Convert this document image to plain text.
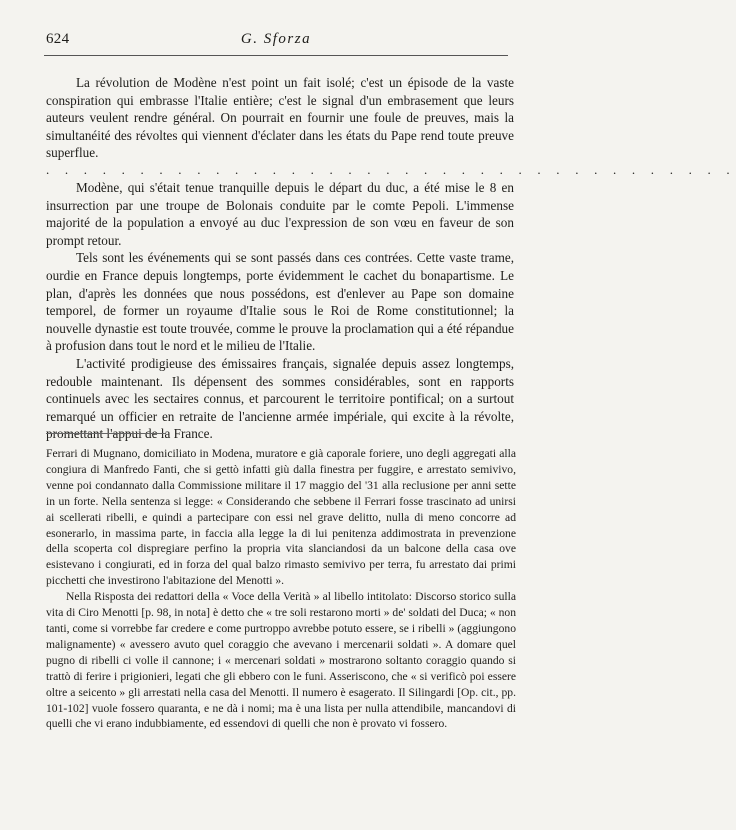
624	G. Sforza

La révolution de Modène n'est point un fait isolé; c'est un épisode de la vaste conspiration qui embrasse l'Italie entière; c'est le signal d'un embrasement que leurs auteurs veulent rendre général. On pourrait en fournir une foule de preuves, mais la simultanéité des révoltes qui viennent d'éclater dans les états du Pape rend toute preuve superflue.

. . . . . . . . . . . . . . . . . . . . . . . . . . . . . . . . . . . . .

Modène, qui s'était tenue tranquille depuis le départ du duc, a été mise le 8 en insurrection par une troupe de Bolonais conduite par le comte Pepoli. L'immense majorité de la population a envoyé au duc l'expression de son vœu en faveur de son prompt retour.

Tels sont les événements qui se sont passés dans ces contrées. Cette vaste trame, ourdie en France depuis longtemps, porte évidemment le cachet du bonapartisme. Le plan, d'après les données que nous possédons, est d'enlever au Pape son domaine temporel, de former un royaume d'Italie sous le Roi de Rome constitutionnel; la nouvelle dynastie est toute trouvée, comme le prouve la proclamation qui a été répandue à profusion dans tout le nord et le milieu de l'Italie.

L'activité prodigieuse des émissaires français, signalée depuis assez longtemps, redouble maintenant. Ils dépensent des sommes considérables, sont en rapports continuels avec les sectaires connus, et parcourent le territoire pontifical; on a surtout remarqué un officier en retraite de l'ancienne armée impériale, qui excite à la révolte, promettant l'appui de la France.

Ferrari di Mugnano, domiciliato in Modena, muratore e già caporale foriere, uno degli aggregati alla congiura di Manfredo Fanti, che si gettò infatti giù dalla finestra per fuggire, e arrestato semivivo, venne poi condannato dalla Commissione militare il 17 maggio del '31 alla reclusione per anni sette in un forte. Nella sentenza si legge: « Considerando che sebbene il Ferrari fosse trascinato ad unirsi ai scellerati ribelli, e quindi a partecipare con essi nel grave delitto, nulla di meno concorre ad esonerarlo, in massima parte, in faccia alla legge la di lui penitenza addimostrata in prevenzione della scoperta col dispregiare perfino la propria vita slanciandosi da un balcone della casa ove esistevano i congiurati, ed in forza del qual balzo rimasto semivivo per terra, fu arrestato dai primi picchetti che investirono l'abitazione del Menotti ».

Nella Risposta dei redattori della « Voce della Verità » al libello intitolato: Discorso storico sulla vita di Ciro Menotti [p. 98, in nota] è detto che « tre soli restarono morti » de' soldati del Duca; « non tanti, come si vorrebbe far credere e come purtroppo avrebbe potuto essere, se i ribelli » (aggiungono malignamente) « avessero avuto quel coraggio che avevano i mercenarii soldati ». A domare quel pugno di ribelli ci volle il cannone; i « mercenari soldati » mostrarono soltanto coraggio quando si trattò di ferire i prigionieri, legati che gli ebbero con le funi. Asseriscono, che « si verificò poi essere oltre a seicento » gli arrestati nella casa del Menotti. Il numero è esagerato. Il Silingardi [Op. cit., pp. 101-102] vuole fossero quaranta, e ne dà i nomi; ma è una lista per nulla attendibile, mancandovi di quelli che vi erano indubbiamente, ed essendovi di quelli che non è provato vi fossero.
